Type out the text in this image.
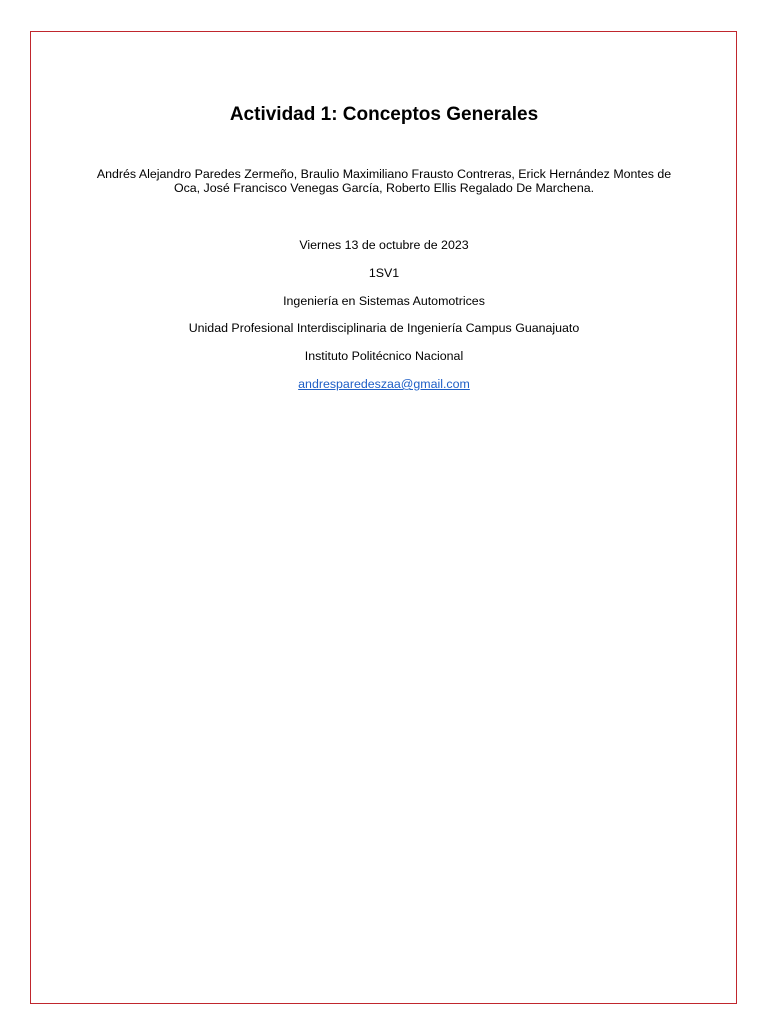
Actividad 1: Conceptos Generales
Andrés Alejandro Paredes Zermeño, Braulio Maximiliano Frausto Contreras, Erick Hernández Montes de Oca, José Francisco Venegas García, Roberto Ellis Regalado De Marchena.
Viernes 13 de octubre de 2023
1SV1
Ingeniería en Sistemas Automotrices
Unidad Profesional Interdisciplinaria de Ingeniería Campus Guanajuato
Instituto Politécnico Nacional
andresparedeszaa@gmail.com
